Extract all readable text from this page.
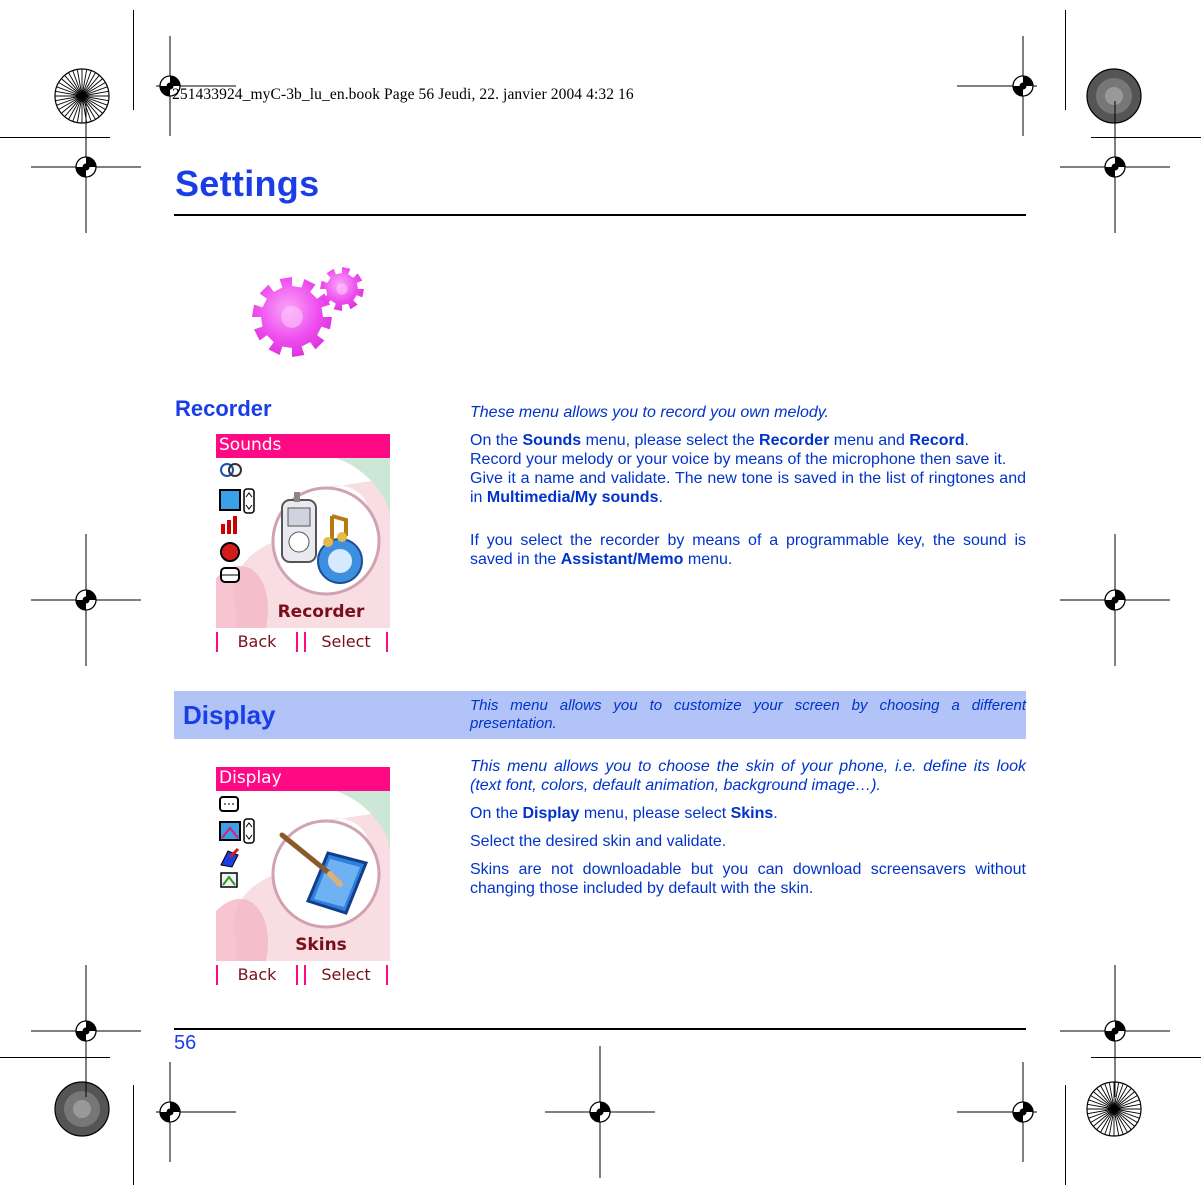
251433924_myC-3b_lu_en.book Page 56 Jeudi, 22. janvier 2004 4:32 16
Settings
Recorder
Sounds
Recorder
Back	Select

These menu allows you to record you own melody.

On the Sounds menu, please select the Recorder menu and Record.
Record your melody or your voice by means of the microphone then save it.
Give it a name and validate. The new tone is saved in the list of ringtones and in Multimedia/My sounds.

If you select the recorder by means of a programmable key, the sound is saved in the Assistant/Memo menu.

Display	This menu allows you to customize your screen by choosing a different presentation.
Display
Skins
Back	Select

This menu allows you to choose the skin of your phone, i.e. define its look (text font, colors, default animation, background image…).

On the Display menu, please select Skins.

Select the desired skin and validate.

Skins are not downloadable but you can download screensavers without changing those included by default with the skin.

56
